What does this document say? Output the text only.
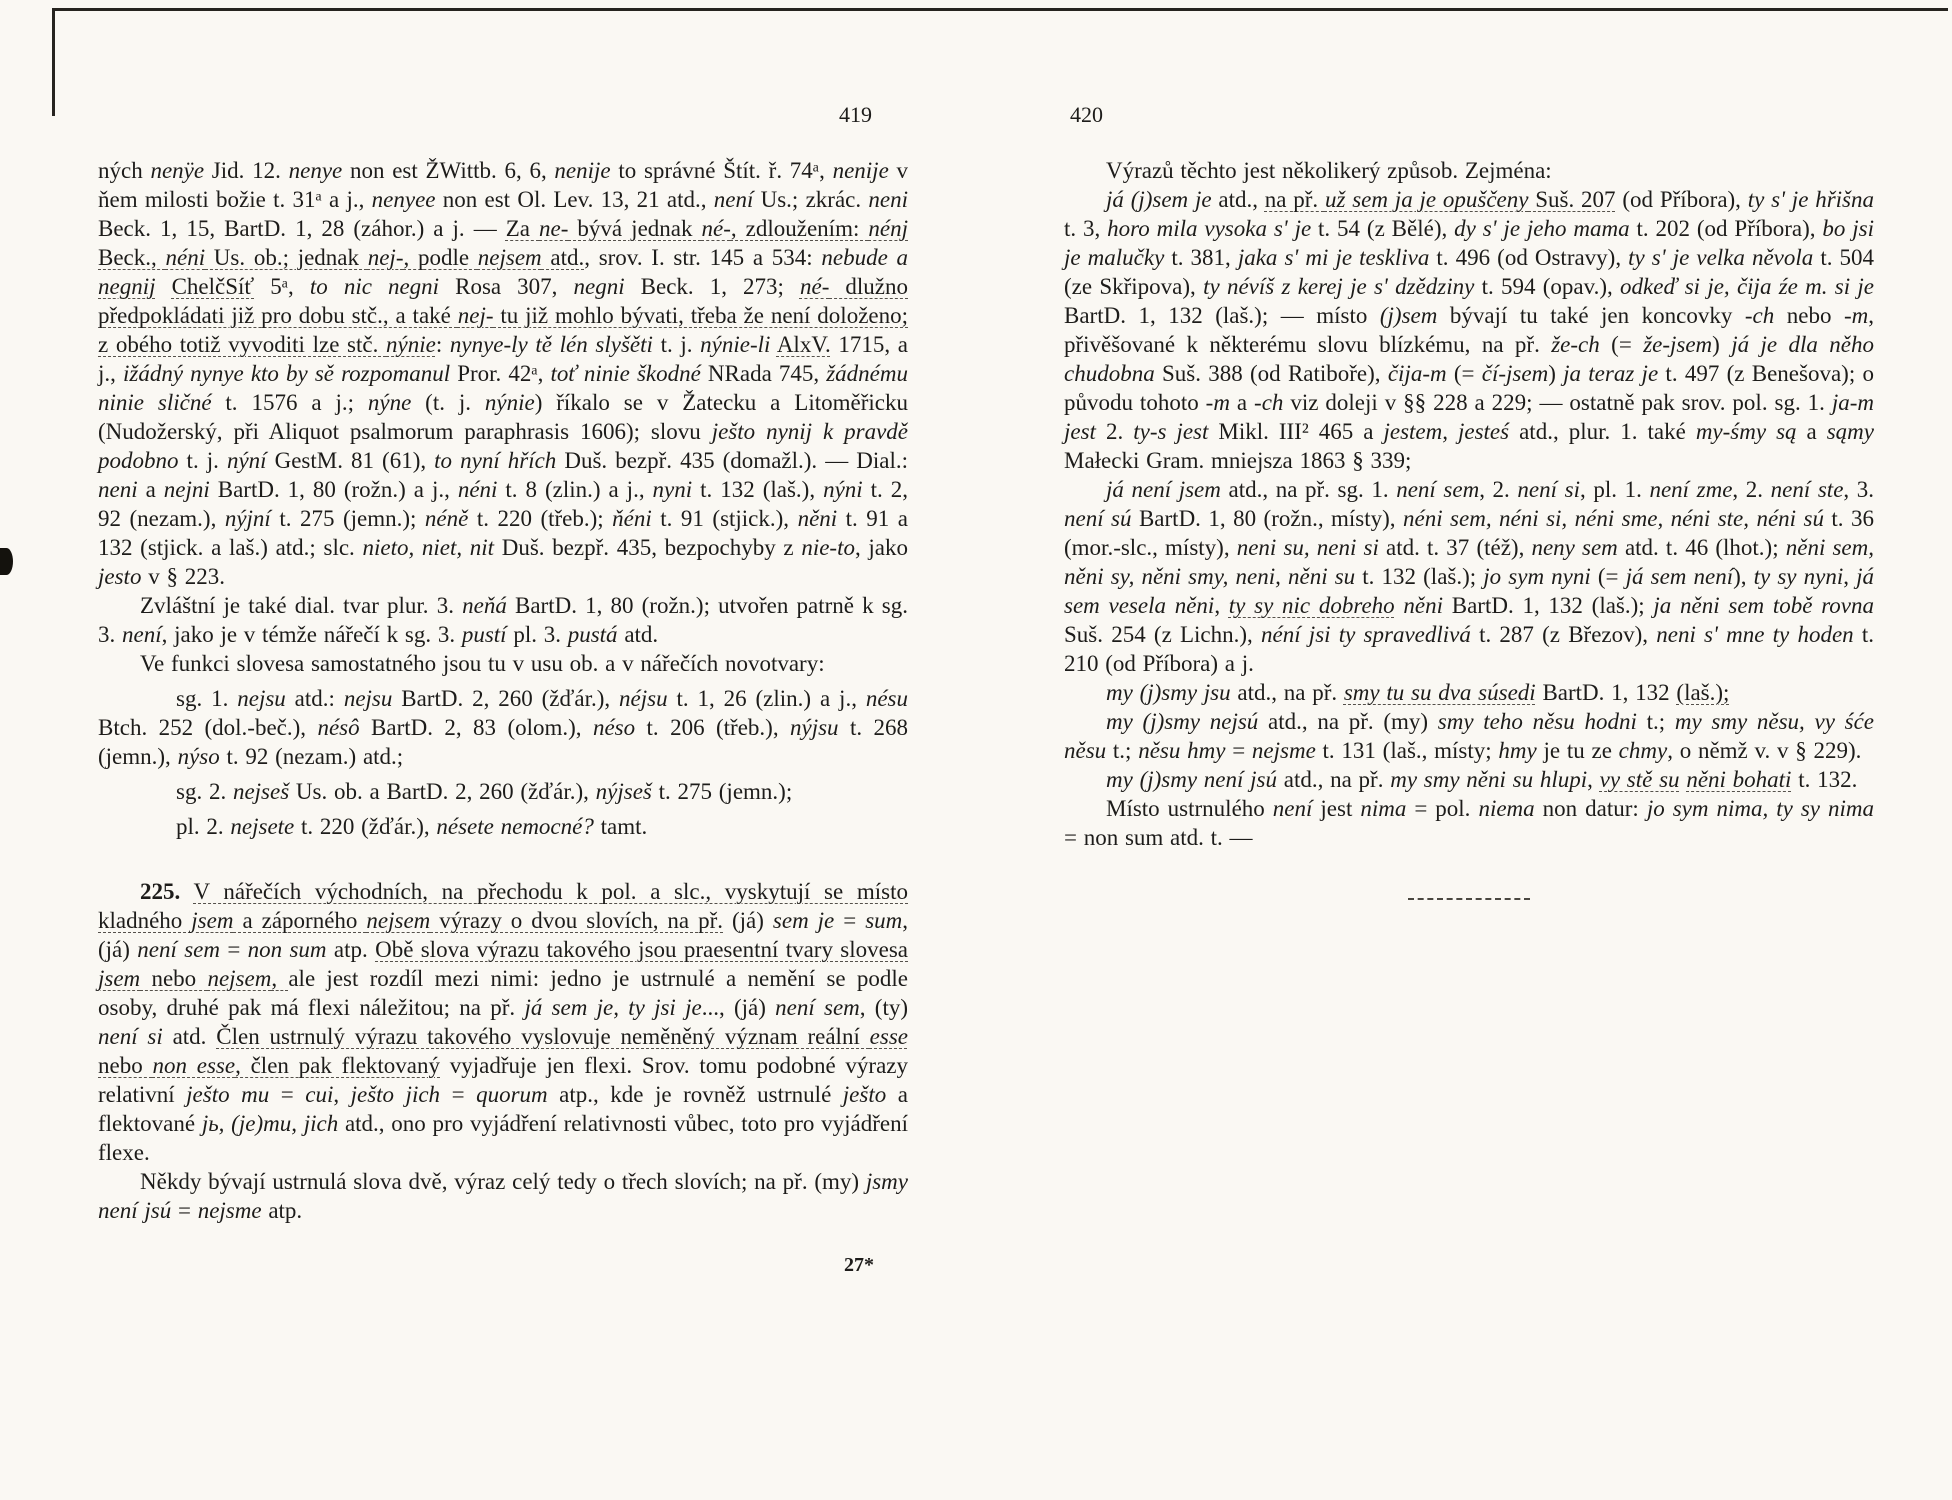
419

ných nenÿe Jid. 12. nenye non est ŽWittb. 6, 6, nenije to správné Štít. ř. 74ᵃ, nenije v ňem milosti božie t. 31ᵃ a j., nenyee non est Ol. Lev. 13, 21 atd., není Us.; zkrác. neni Beck. 1, 15, BartD. 1, 28 (záhor.) a j. — Za ne- bývá jednak né-, zdloužením: nénj Beck., néni Us. ob.; jednak nej-, podle nejsem atd., srov. I. str. 145 a 534: nebude a negnij ChelčSíť 5ᵃ, to nic negni Rosa 307, negni Beck. 1, 273; né- dlužno předpokládati již pro dobu stč., a také nej- tu již mohlo bývati, třeba že není doloženo; z obého totiž vyvoditi lze stč. nýnie: nynye-ly tě lén slyšěti t. j. nýnie-li AlxV. 1715, a j., ižádný nynye kto by sě rozpomanul Pror. 42ᵃ, toť ninie škodné NRada 745, žádnému ninie sličné t. 1576 a j.; nýne (t. j. nýnie) říkalo se v Žatecku a Litoměřicku (Nudožerský, při Aliquot psalmorum paraphrasis 1606); slovu ješto nynij k pravdě podobno t. j. nýní GestM. 81 (61), to nyní hřích Duš. bezpř. 435 (domažl.). — Dial.: neni a nejni BartD. 1, 80 (rožn.) a j., néni t. 8 (zlin.) a j., nyni t. 132 (laš.), nýni t. 2, 92 (nezam.), nýjní t. 275 (jemn.); néně t. 220 (třeb.); ňéni t. 91 (stjick.), něni t. 91 a 132 (stjick. a laš.) atd.; slc. nieto, niet, nit Duš. bezpř. 435, bezpochyby z nie-to, jako jesto v § 223.

Zvláštní je také dial. tvar plur. 3. neňá BartD. 1, 80 (rožn.); utvořen patrně k sg. 3. není, jako je v témže nářečí k sg. 3. pustí pl. 3. pustá atd.

Ve funkci slovesa samostatného jsou tu v usu ob. a v nářečích novotvary:

sg. 1. nejsu atd.: nejsu BartD. 2, 260 (žďár.), néjsu t. 1, 26 (zlin.) a j., nésu Btch. 252 (dol.-beč.), nésô BartD. 2, 83 (olom.), néso t. 206 (třeb.), nýjsu t. 268 (jemn.), nýso t. 92 (nezam.) atd.;

sg. 2. nejseš Us. ob. a BartD. 2, 260 (žďár.), nýjseš t. 275 (jemn.);

pl. 2. nejsete t. 220 (žďár.), nésete nemocné? tamt.

225. V nářečích východních, na přechodu k pol. a slc., vyskytují se místo kladného jsem a záporného nejsem výrazy o dvou slovích, na př. (já) sem je = sum, (já) není sem = non sum atp. Obě slova výrazu takového jsou praesentní tvary slovesa jsem nebo nejsem, ale jest rozdíl mezi nimi: jedno je ustrnulé a nemění se podle osoby, druhé pak má flexi náležitou; na př. já sem je, ty jsi je..., (já) není sem, (ty) není si atd. Člen ustrnulý výrazu takového vyslovuje neměněný význam reální esse nebo non esse, člen pak flektovaný vyjadřuje jen flexi. Srov. tomu podobné výrazy relativní ješto mu = cui, ješto jich = quorum atp., kde je rovněž ustrnulé ješto a flektované jь, (je)mu, jich atd., ono pro vyjádření relativnosti vůbec, toto pro vyjádření flexe.

Někdy bývají ustrnulá slova dvě, výraz celý tedy o třech slovích; na př. (my) jsmy není jsú = nejsme atp.

27*
420

Výrazů těchto jest několikerý způsob. Zejména:

já (j)sem je atd., na př. už sem ja je opuščeny Suš. 207 (od Příbora), ty s' je hřišna t. 3, horo mila vysoka s' je t. 54 (z Bělé), dy s' je jeho mama t. 202 (od Příbora), bo jsi je malučky t. 381, jaka s' mi je teskliva t. 496 (od Ostravy), ty s' je velka něvola t. 504 (ze Skřipova), ty névíš z kerej je s' dzědziny t. 594 (opav.), odkeď si je, čija źe m. si je BartD. 1, 132 (laš.); — místo (j)sem bývají tu také jen koncovky -ch nebo -m, přivěšované k některému slovu blízkému, na př. že-ch (= že-jsem) já je dla něho chudobna Suš. 388 (od Ratiboře), čija-m (= čí-jsem) ja teraz je t. 497 (z Benešova); o původu tohoto -m a -ch viz doleji v §§ 228 a 229; — ostatně pak srov. pol. sg. 1. ja-m jest 2. ty-s jest Mikl. III² 465 a jestem, jesteś atd., plur. 1. také my-śmy są a sąmy Małecki Gram. mniejsza 1863 § 339;

já není jsem atd., na př. sg. 1. není sem, 2. není si, pl. 1. není zme, 2. není ste, 3. není sú BartD. 1, 80 (rožn., místy), néni sem, néni si, néni sme, néni ste, néni sú t. 36 (mor.-slc., místy), neni su, neni si atd. t. 37 (též), neny sem atd. t. 46 (lhot.); něni sem, něni sy, něni smy, neni, něni su t. 132 (laš.); jo sym nyni (= já sem není), ty sy nyni, já sem vesela něni, ty sy nic dobreho něni BartD. 1, 132 (laš.); ja něni sem tobě rovna Suš. 254 (z Lichn.), néní jsi ty spravedlivá t. 287 (z Březov), neni s' mne ty hoden t. 210 (od Příbora) a j.

my (j)smy jsu atd., na př. smy tu su dva súsedi BartD. 1, 132 (laš.);

my (j)smy nejsú atd., na př. (my) smy teho něsu hodni t.; my smy něsu, vy śće něsu t.; něsu hmy = nejsme t. 131 (laš., místy; hmy je tu ze chmy, o němž v. v § 229).

my (j)smy není jsú atd., na př. my smy něni su hlupi, vy stě su něni bohati t. 132.

Místo ustrnulého není jest nima = pol. niema non datur: jo sym nima, ty sy nima = non sum atd. t. —
